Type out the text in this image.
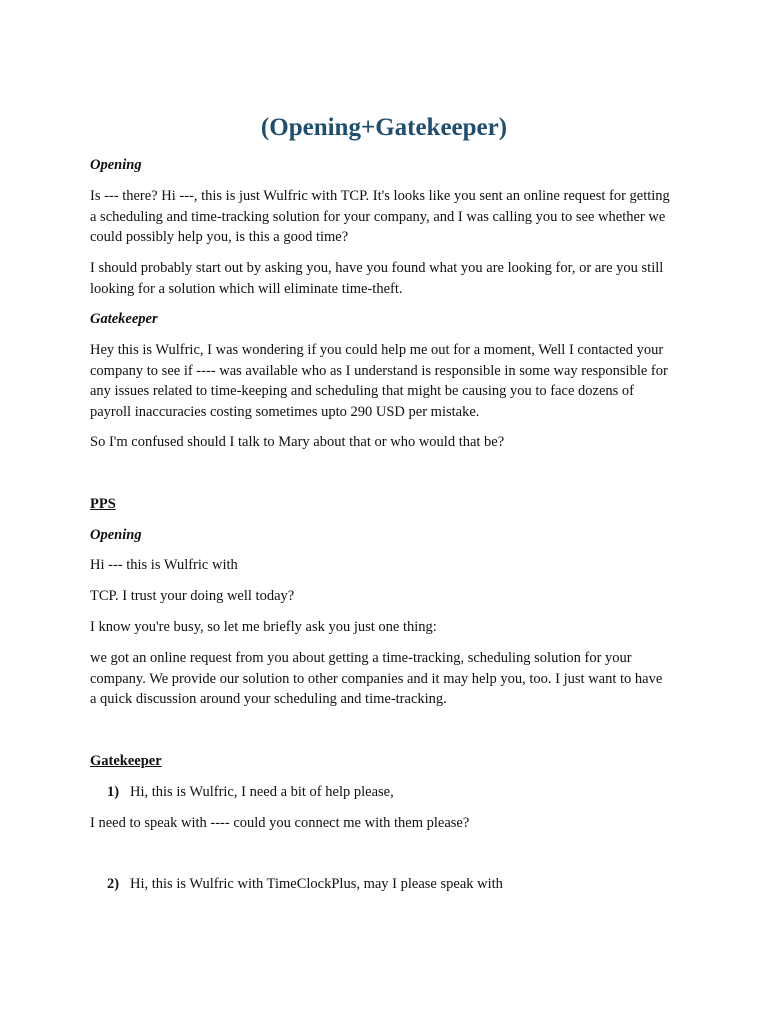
(Opening+Gatekeeper)

Opening

Is --- there? Hi ---, this is just Wulfric with TCP. It's looks like you sent an online request for getting a scheduling and time-tracking solution for your company, and I was calling you to see whether we could possibly help you, is this a good time?

I should probably start out by asking you, have you found what you are looking for, or are you still looking for a solution which will eliminate time-theft.

Gatekeeper

Hey this is Wulfric, I was wondering if you could help me out for a moment, Well I contacted your company to see if ---- was available who as I understand is responsible in some way responsible for any issues related to time-keeping and scheduling that might be causing you to face dozens of payroll inaccuracies costing sometimes upto 290 USD per mistake.

So I'm confused should I talk to Mary about that or who would that be?

PPS

Opening

Hi --- this is Wulfric with

TCP. I trust your doing well today?

I know you're busy, so let me briefly ask you just one thing:

we got an online request from you about getting a time-tracking, scheduling solution for your company. We provide our solution to other companies and it may help you, too. I just want to have a quick discussion around your scheduling and time-tracking.

Gatekeeper

1) Hi, this is Wulfric, I need a bit of help please,

I need to speak with ---- could you connect me with them please?

2) Hi, this is Wulfric with TimeClockPlus, may I please speak with
